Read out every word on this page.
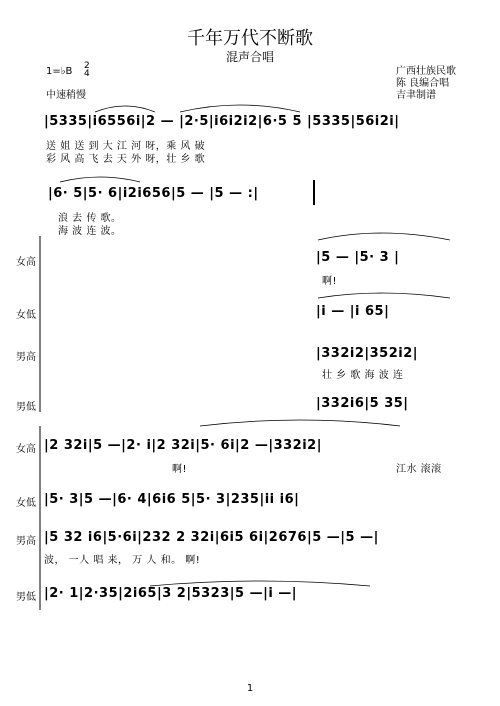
千年万代不断歌
混声合唱
1=♭B 2
4
中速稍慢
广西壮族民歌
陈 良编合唱
吉聿制谱
|5335|i6556i|2 — |2·5|i6i2i2|6·5 5 |5335|56i2i|
送 姐 送 到 大 江 河 呀，乘 风 破
彩 风 高 飞 去 天 外 呀，壮 乡 歌
|6· 5|5· 6|i2i656|5 — |5 — :|
浪 去 传 歌。
海 波 连 波。
女高	|5 — |5· 3 |
啊!
女低	|i — |i 65|
男高	|332i2|352i2|
壮 乡 歌 海 波 连
男低	|332i6|5 35|
女高 |2 32i|5 —|2· i|2 32i|5· 6i|2 —|332i2|
啊!	江水 滚滚
女低 |5· 3|5 —|6· 4|6i6 5|5· 3|235|ii i6|
男高 |5 32 i6|5·6i|232 2 32i|6i5 6i|2676|5 —|5 —|
波， 一人 唱 来， 万 人 和。 啊!
男低 |2· 1|2·35|2i65|3 2|5323|5 —|i —|
1
